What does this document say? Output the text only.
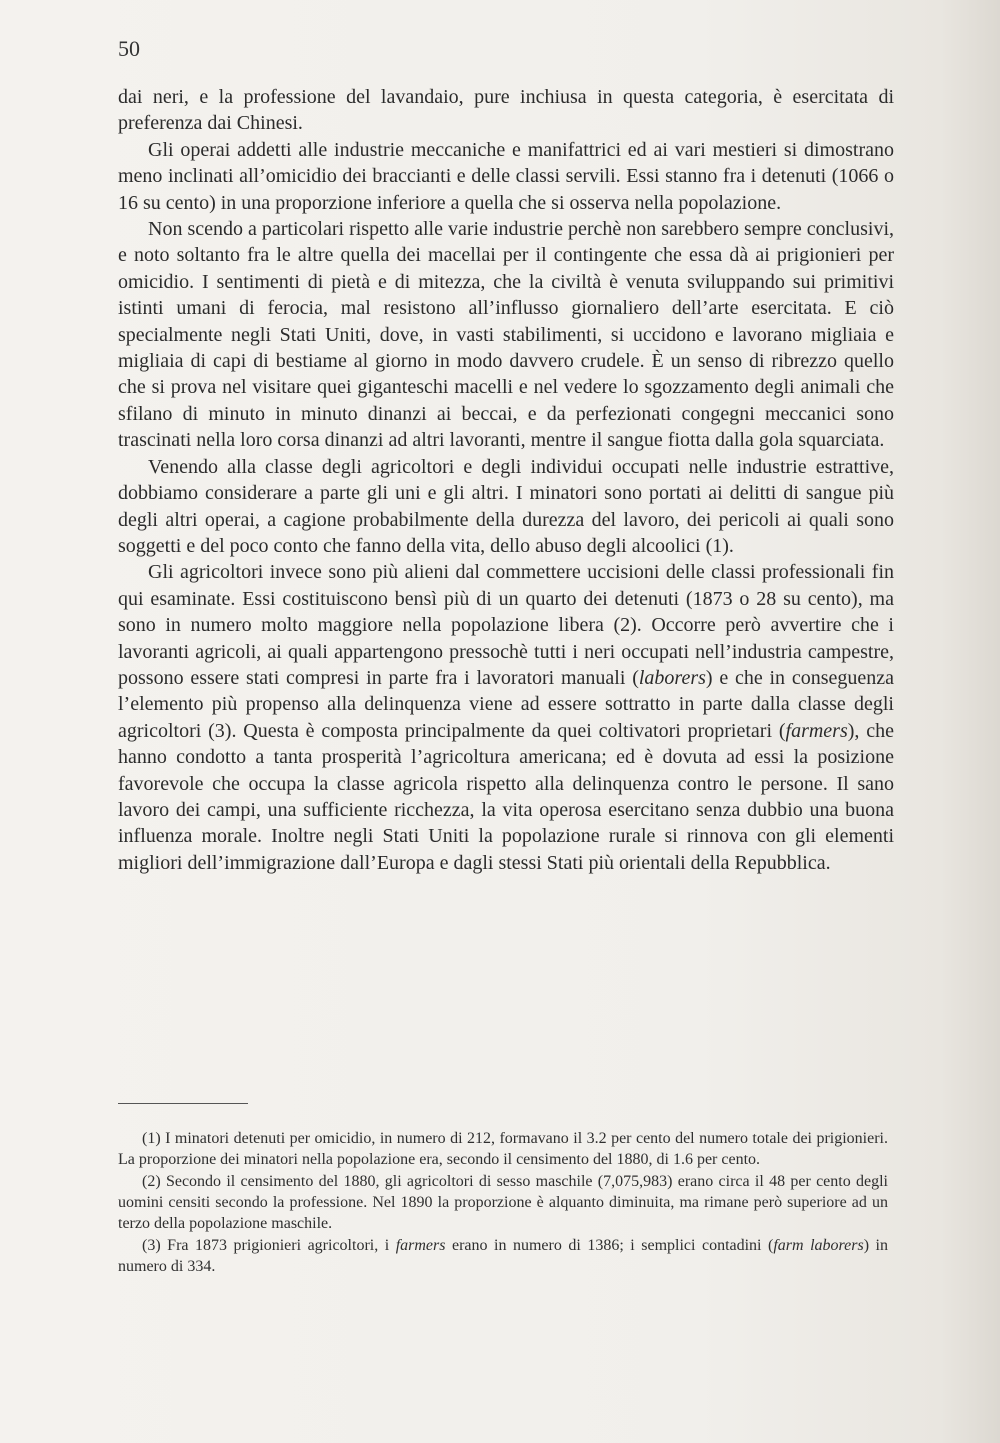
50

dai neri, e la professione del lavandaio, pure inchiusa in questa categoria, è esercitata di preferenza dai Chinesi.

Gli operai addetti alle industrie meccaniche e manifattrici ed ai vari mestieri si dimostrano meno inclinati all’omicidio dei braccianti e delle classi servili. Essi stanno fra i detenuti (1066 o 16 su cento) in una proporzione inferiore a quella che si osserva nella popolazione.

Non scendo a particolari rispetto alle varie industrie perchè non sarebbero sempre conclusivi, e noto soltanto fra le altre quella dei macellai per il contingente che essa dà ai prigionieri per omicidio. I sentimenti di pietà e di mitezza, che la civiltà è venuta sviluppando sui primitivi istinti umani di ferocia, mal resistono all’influsso giornaliero dell’arte esercitata. E ciò specialmente negli Stati Uniti, dove, in vasti stabilimenti, si uccidono e lavorano migliaia e migliaia di capi di bestiame al giorno in modo davvero crudele. È un senso di ribrezzo quello che si prova nel visitare quei giganteschi macelli e nel vedere lo sgozzamento degli animali che sfilano di minuto in minuto dinanzi ai beccai, e da perfezionati congegni meccanici sono trascinati nella loro corsa dinanzi ad altri lavoranti, mentre il sangue fiotta dalla gola squarciata.

Venendo alla classe degli agricoltori e degli individui occupati nelle industrie estrattive, dobbiamo considerare a parte gli uni e gli altri. I minatori sono portati ai delitti di sangue più degli altri operai, a cagione probabilmente della durezza del lavoro, dei pericoli ai quali sono soggetti e del poco conto che fanno della vita, dello abuso degli alcoolici (1).

Gli agricoltori invece sono più alieni dal commettere uccisioni delle classi professionali fin qui esaminate. Essi costituiscono bensì più di un quarto dei detenuti (1873 o 28 su cento), ma sono in numero molto maggiore nella popolazione libera (2). Occorre però avvertire che i lavoranti agricoli, ai quali appartengono pressochè tutti i neri occupati nell’industria campestre, possono essere stati compresi in parte fra i lavoratori manuali (laborers) e che in conseguenza l’elemento più propenso alla delinquenza viene ad essere sottratto in parte dalla classe degli agricoltori (3). Questa è composta principalmente da quei coltivatori proprietari (farmers), che hanno condotto a tanta prosperità l’agricoltura americana; ed è dovuta ad essi la posizione favorevole che occupa la classe agricola rispetto alla delinquenza contro le persone. Il sano lavoro dei campi, una sufficiente ricchezza, la vita operosa esercitano senza dubbio una buona influenza morale. Inoltre negli Stati Uniti la popolazione rurale si rinnova con gli elementi migliori dell’immigrazione dall’Europa e dagli stessi Stati più orientali della Repubblica.

(1) I minatori detenuti per omicidio, in numero di 212, formavano il 3.2 per cento del numero totale dei prigionieri. La proporzione dei minatori nella popolazione era, secondo il censimento del 1880, di 1.6 per cento.

(2) Secondo il censimento del 1880, gli agricoltori di sesso maschile (7,075,983) erano circa il 48 per cento degli uomini censiti secondo la professione. Nel 1890 la proporzione è alquanto diminuita, ma rimane però superiore ad un terzo della popolazione maschile.

(3) Fra 1873 prigionieri agricoltori, i farmers erano in numero di 1386; i semplici contadini (farm laborers) in numero di 334.
